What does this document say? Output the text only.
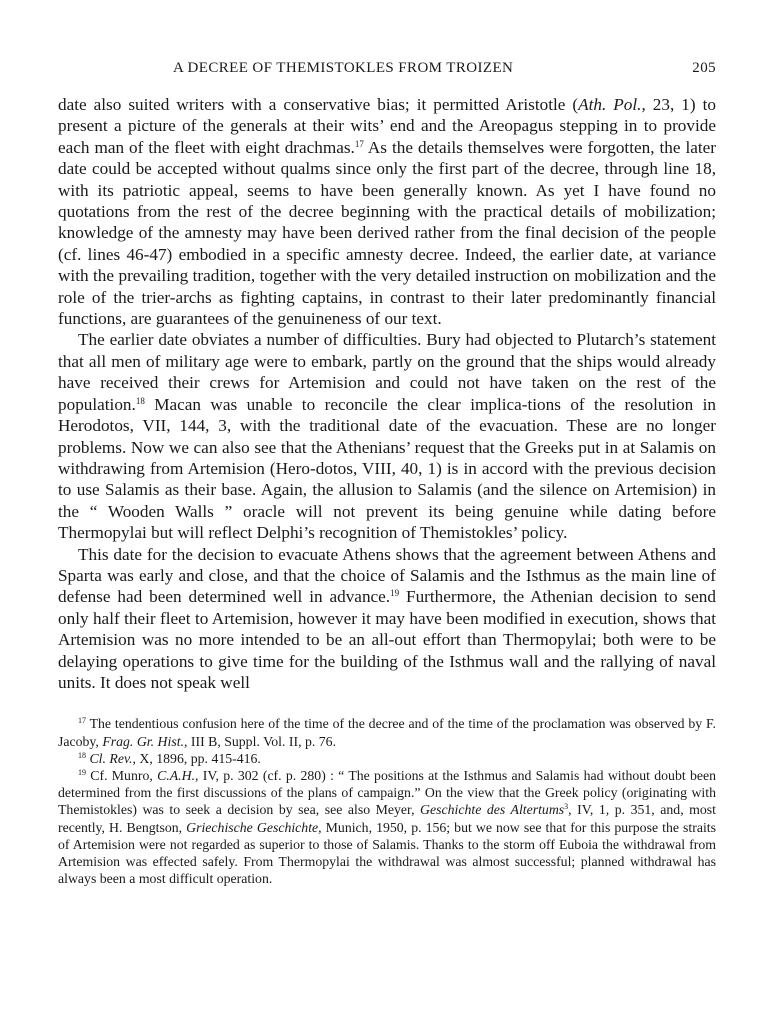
A DECREE OF THEMISTOKLES FROM TROIZEN	205

date also suited writers with a conservative bias; it permitted Aristotle (Ath. Pol., 23, 1) to present a picture of the generals at their wits’ end and the Areopagus stepping in to provide each man of the fleet with eight drachmas.$^{17}$ As the details themselves were forgotten, the later date could be accepted without qualms since only the first part of the decree, through line 18, with its patriotic appeal, seems to have been generally known. As yet I have found no quotations from the rest of the decree beginning with the practical details of mobilization; knowledge of the amnesty may have been derived rather from the final decision of the people (cf. lines 46-47) embodied in a specific amnesty decree. Indeed, the earlier date, at variance with the prevailing tradition, together with the very detailed instruction on mobilization and the role of the trier-archs as fighting captains, in contrast to their later predominantly financial functions, are guarantees of the genuineness of our text.

The earlier date obviates a number of difficulties. Bury had objected to Plutarch’s statement that all men of military age were to embark, partly on the ground that the ships would already have received their crews for Artemision and could not have taken on the rest of the population.$^{18}$ Macan was unable to reconcile the clear implica-tions of the resolution in Herodotos, VII, 144, 3, with the traditional date of the evacuation. These are no longer problems. Now we can also see that the Athenians’ request that the Greeks put in at Salamis on withdrawing from Artemision (Hero-dotos, VIII, 40, 1) is in accord with the previous decision to use Salamis as their base. Again, the allusion to Salamis (and the silence on Artemision) in the “ Wooden Walls ” oracle will not prevent its being genuine while dating before Thermopylai but will reflect Delphi’s recognition of Themistokles’ policy.

This date for the decision to evacuate Athens shows that the agreement between Athens and Sparta was early and close, and that the choice of Salamis and the Isthmus as the main line of defense had been determined well in advance.$^{19}$ Furthermore, the Athenian decision to send only half their fleet to Artemision, however it may have been modified in execution, shows that Artemision was no more intended to be an all-out effort than Thermopylai; both were to be delaying operations to give time for the building of the Isthmus wall and the rallying of naval units. It does not speak well

$^{17}$ The tendentious confusion here of the time of the decree and of the time of the proclamation was observed by F. Jacoby, Frag. Gr. Hist., III B, Suppl. Vol. II, p. 76.

$^{18}$ Cl. Rev., X, 1896, pp. 415-416.

$^{19}$ Cf. Munro, C.A.H., IV, p. 302 (cf. p. 280) : “ The positions at the Isthmus and Salamis had without doubt been determined from the first discussions of the plans of campaign.” On the view that the Greek policy (originating with Themistokles) was to seek a decision by sea, see also Meyer, Geschichte des Altertums$^3$, IV, 1, p. 351, and, most recently, H. Bengtson, Griechische Geschichte, Munich, 1950, p. 156; but we now see that for this purpose the straits of Artemision were not regarded as superior to those of Salamis. Thanks to the storm off Euboia the withdrawal from Artemision was effected safely. From Thermopylai the withdrawal was almost successful; planned withdrawal has always been a most difficult operation.
